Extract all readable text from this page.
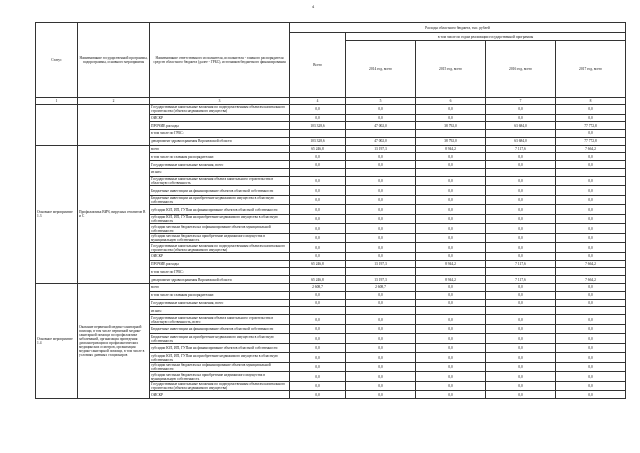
4
Статус	Наименование государственной программы, подпрограммы, основного мероприятия	Наименование ответственного исполнителя, исполнителя - главного распорядителя средств областного бюджета (далее - ГРБС), источников бюджетного финансирования	Расходы областного бюджета, тыс. рублей				
			Всего	в том числе по годам реализации государственной программы			
				2014 год, всего	2015 год, всего	2016 год, всего	2017 год, всего
1	2	3	4	5	6	7	8
		Государственные капитальные вложения по подведомственным объектам капитального строительства (объекта недвижимого имущества)	0,0	0,0	0,0	0,0	0,0
		ОИСКР	0,0	0,0	0,0	0,0	0,0
		ПРОЧИЕ расходы	103 328,6	47 002,0	38 792,0	63 684,0	77 772,8
		в том числе по ГРБС:					0,0
		департамент здравоохранения Воронежской области	103 328,6	47 002,0	38 792,0	63 684,0	77 772,8
Основное мероприятие 1.3	Профилактика ВИЧ, вирусных гепатитов В и С	всего	65 246,8	13 197,3	8 944,2	7 117,6	7 664,2
		в том числе по главным распорядителям:	0,0	0,0	0,0	0,0	0,0
		Государственные капитальные вложения, всего	0,0	0,0	0,0	0,0	0,0
		из них:					
		Государственные капитальные вложения объекта капитального строительства в областную собственность	0,0	0,0	0,0	0,0	0,0
		Бюджетные инвестиции на финансирование объектов областной собственности	0,0	0,0	0,0	0,0	0,0
		Бюджетные инвестиции на приобретение недвижимого имущества в областную собственность	0,0	0,0	0,0	0,0	0,0
		субсидии ЮЛ, ИП, ГУПам на финансирование объектов областной собственности	0,0	0,0	0,0	0,0	0,0
		субсидии ЮЛ, ИП, ГУПам на приобретение недвижимого имущества в областную собственность	0,0	0,0	0,0	0,0	0,0
		субсидии местным бюджетам на софинансирование объектов муниципальной собственности	0,0	0,0	0,0	0,0	0,0
		субсидии местным бюджетам на приобретение недвижимого имущества в муниципальную собственность	0,0	0,0	0,0	0,0	0,0
		Государственные капитальные вложения по подведомственным объектам капитального строительства (объекта недвижимого имущества)	0,0	0,0	0,0	0,0	0,0
		ОИСКР	0,0	0,0	0,0	0,0	0,0
		ПРОЧИЕ расходы	65 246,8	13 197,3	8 944,2	7 117,6	7 664,2
		в том числе по ГРБС:					
		департамент здравоохранения Воронежской области	65 246,8	13 197,3	8 944,2	7 117,6	7 664,2
Основное мероприятие 1.4	Оказание первичной медико-санитарной помощи, в том числе первичной медико-санитарной помощи по профилактике заболеваний, организация проведения диспансеризации и профилактических медицинских осмотров, организация медико-санитарной помощи, в том числе в условиях дневных стационаров	всего	2 608,7	2 608,7	0,0	0,0	0,0
		в том числе по главным распорядителям:	0,0	0,0	0,0	0,0	0,0
		Государственные капитальные вложения, всего	0,0	0,0	0,0	0,0	0,0
		из них:					
		Государственные капитальные вложения объекта капитального строительства в областную собственность, всего	0,0	0,0	0,0	0,0	0,0
		Бюджетные инвестиции на финансирование объектов областной собственности	0,0	0,0	0,0	0,0	0,0
		Бюджетные инвестиции на приобретение недвижимого имущества в областную собственность	0,0	0,0	0,0	0,0	0,0
		субсидии ЮЛ, ИП, ГУПам на финансирование объектов областной собственности	0,0	0,0	0,0	0,0	0,0
		субсидии ЮЛ, ИП, ГУПам на приобретение недвижимого имущества в областную собственность	0,0	0,0	0,0	0,0	0,0
		субсидии местным бюджетам на софинансирование объектов муниципальной собственности	0,0	0,0	0,0	0,0	0,0
		субсидии местным бюджетам на приобретение недвижимого имущества в муниципальную собственность	0,0	0,0	0,0	0,0	0,0
		Государственные капитальные вложения по подведомственным объектам капитального строительства (объекта недвижимого имущества)	0,0	0,0	0,0	0,0	0,0
		ОИСКР	0,0	0,0	0,0	0,0	0,0
